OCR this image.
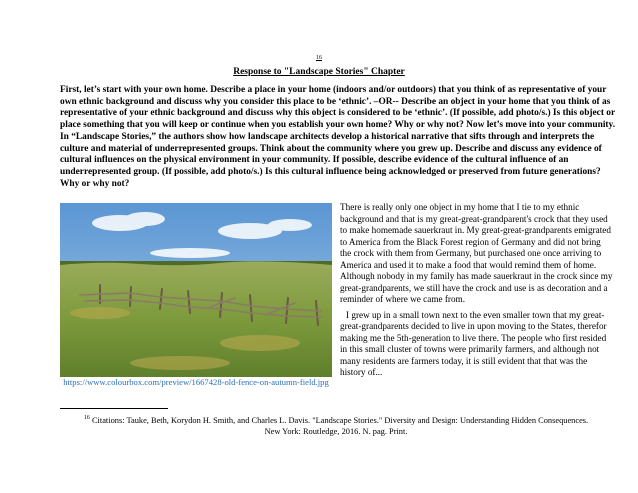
16
Response to "Landscape Stories" Chapter

First, let’s start with your own home. Describe a place in your home (indoors and/or outdoors) that you think of as representative of your own ethnic background and discuss why you consider this place to be ‘ethnic’. –OR-- Describe an object in your home that you think of as representative of your ethnic background and discuss why this object is considered to be ‘ethnic’. (If possible, add photo/s.) Is this object or place something that you will keep or continue when you establish your own home? Why or why not? Now let’s move into your community. In “Landscape Stories,” the authors show how landscape architects develop a historical narrative that sifts through and interprets the culture and material of underrepresented groups. Think about the community where you grew up. Describe and discuss any evidence of cultural influences on the physical environment in your community. If possible, describe evidence of the cultural influence of an underrepresented group. (If possible, add photo/s.) Is this cultural influence being acknowledged or preserved from future generations? Why or why not?

https://www.colourbox.com/preview/1667428-old-fence-on-autumn-field.jpg

There is really only one object in my home that I tie to my ethnic background and that is my great-great-grandparent's crock that they used to make homemade sauerkraut in. My great-great-grandparents emigrated to America from the Black Forest region of Germany and did not bring the crock with them from Germany, but purchased one once arriving to America and used it to make a food that would remind them of home. Although nobody in my family has made sauerkraut in the crock since my great-grandparents, we still have the crock and use is as decoration and a reminder of where we came from.

I grew up in a small town next to the even smaller town that my great-great-grandparents decided to live in upon moving to the States, therefor making me the 5th-generation to live there. The people who first resided in this small cluster of towns were primarily farmers, and although not many residents are farmers today, it is still evident that that was the history of...

$^{16}$ Citations: Tauke, Beth, Korydon H. Smith, and Charles L. Davis. "Landscape Stories." Diversity and Design: Understanding Hidden Consequences. New York: Routledge, 2016. N. pag. Print.
